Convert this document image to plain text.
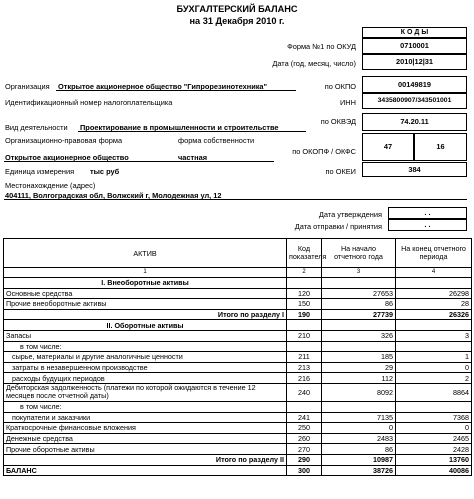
БУХГАЛТЕРСКИЙ БАЛАНС
на 31 Декабря 2010 г.
К О Д Ы
Форма №1 по ОКУД	0710001
Дата (год, месяц, число)	2010|12|31
Организация Открытое акционерное общество "Гипрорезинотехника"	по ОКПО	00149819
Идентификационный номер налогоплательщика	ИНН	3435800907/343501001
Вид деятельности Проектирование в промышленности и строительстве
по ОКВЭД	74.20.11
Организационно-правовая форма	форма собственности
Открытое акционерное общество	частная
по ОКОПФ / ОКФС
47	16
Единица измерения тыс руб	по ОКЕИ	384
Местонахождение (адрес)
404111, Волгоградская обл, Волжский г, Молодежная ул, 12
Дата утверждения	. .
Дата отправки / принятия	. .
АКТИВ	Код показателя	На начало отчетного года	На конец отчетного периода
1	2	3	4
I. Внеоборотные активы			
Основные средства	120	27653	26298
Прочие внеоборотные активы	150	86	28
Итого по разделу I	190	27739	26326
II. Оборотные активы			
Запасы	210	326	3
в том числе:			
сырье, материалы и другие аналогичные ценности	211	185	1
затраты в незавершенном производстве	213	29	0
расходы будущих периодов	216	112	2
Дебиторская задолженность (платежи по которой ожидаются в течение 12 месяцев после отчетной даты)	240	8092	8864
в том числе:			
покупатели и заказчики	241	7135	7368
Краткосрочные финансовые вложения	250	0	0
Денежные средства	260	2483	2465
Прочие оборотные активы	270	86	2428
Итого по разделу II	290	10987	13760
БАЛАНС	300	38726	40086
